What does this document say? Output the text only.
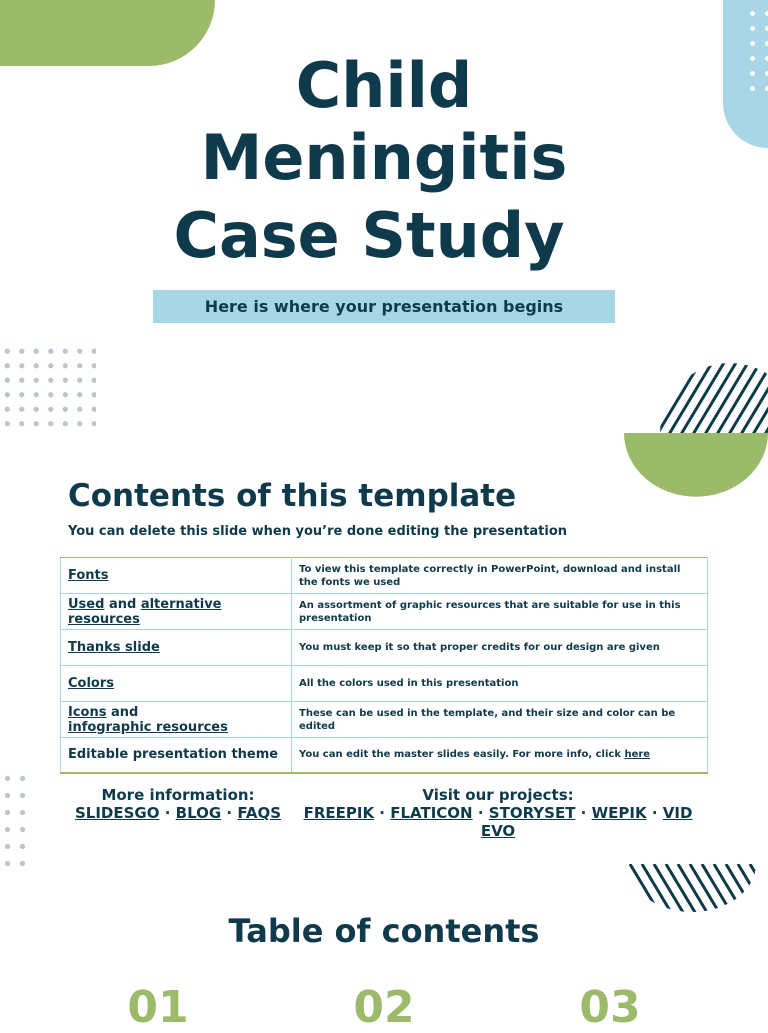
Child
Meningitis
Case Study
Here is where your presentation begins
Contents of this template
You can delete this slide when you’re done editing the presentation
Fonts	To view this template correctly in PowerPoint, download and install the fonts we used
Used and alternative
resources	An assortment of graphic resources that are suitable for use in this presentation
Thanks slide	You must keep it so that proper credits for our design are given
Colors	All the colors used in this presentation
Icons and
infographic resources	These can be used in the template, and their size and color can be edited
Editable presentation theme	You can edit the master slides easily. For more info, click here
More information:
SLIDESGO · BLOG · FAQS
Visit our projects:
FREEPIK · FLATICON · STORYSET · WEPIK · VID
EVO
Table of contents
01	02	03
